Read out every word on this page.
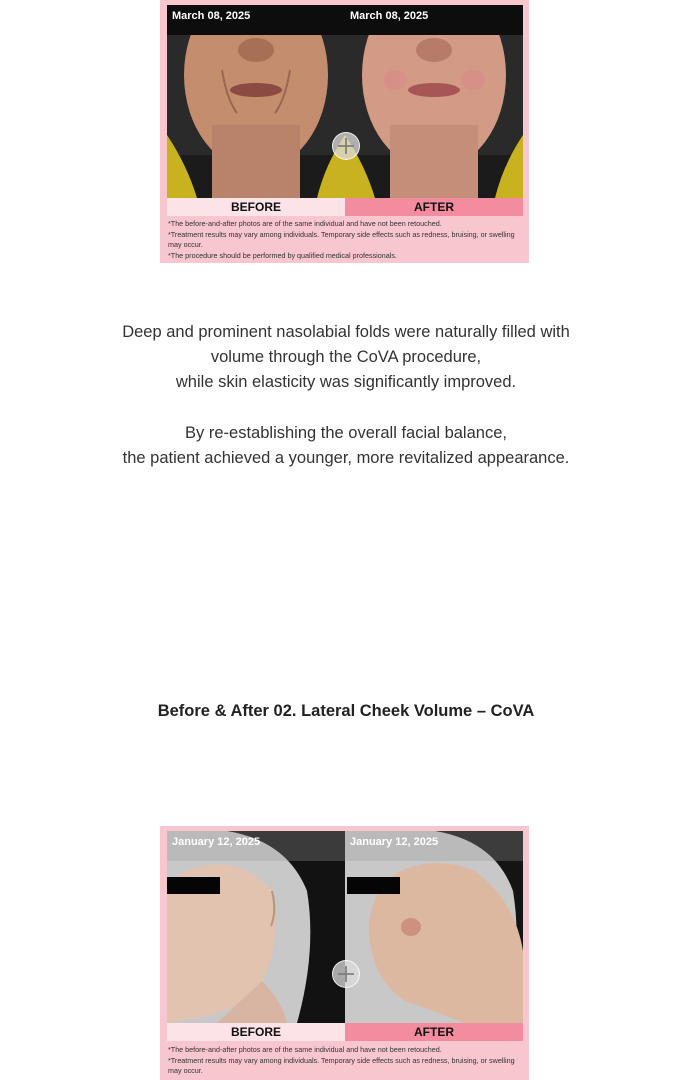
March 08, 2025	March 08, 2025
BEFORE	AFTER
*The before-and-after photos are of the same individual and have not been retouched.
*Treatment results may vary among individuals. Temporary side effects such as redness, bruising, or swelling may occur.
*The procedure should be performed by qualified medical professionals.

Deep and prominent nasolabial folds were naturally filled with

volume through the CoVA procedure,

while skin elasticity was significantly improved.

By re-establishing the overall facial balance,

the patient achieved a younger, more revitalized appearance.

Before & After 02. Lateral Cheek Volume – CoVA
January 12, 2025	January 12, 2025
BEFORE	AFTER
*The before-and-after photos are of the same individual and have not been retouched.
*Treatment results may vary among individuals. Temporary side effects such as redness, bruising, or swelling may occur.
